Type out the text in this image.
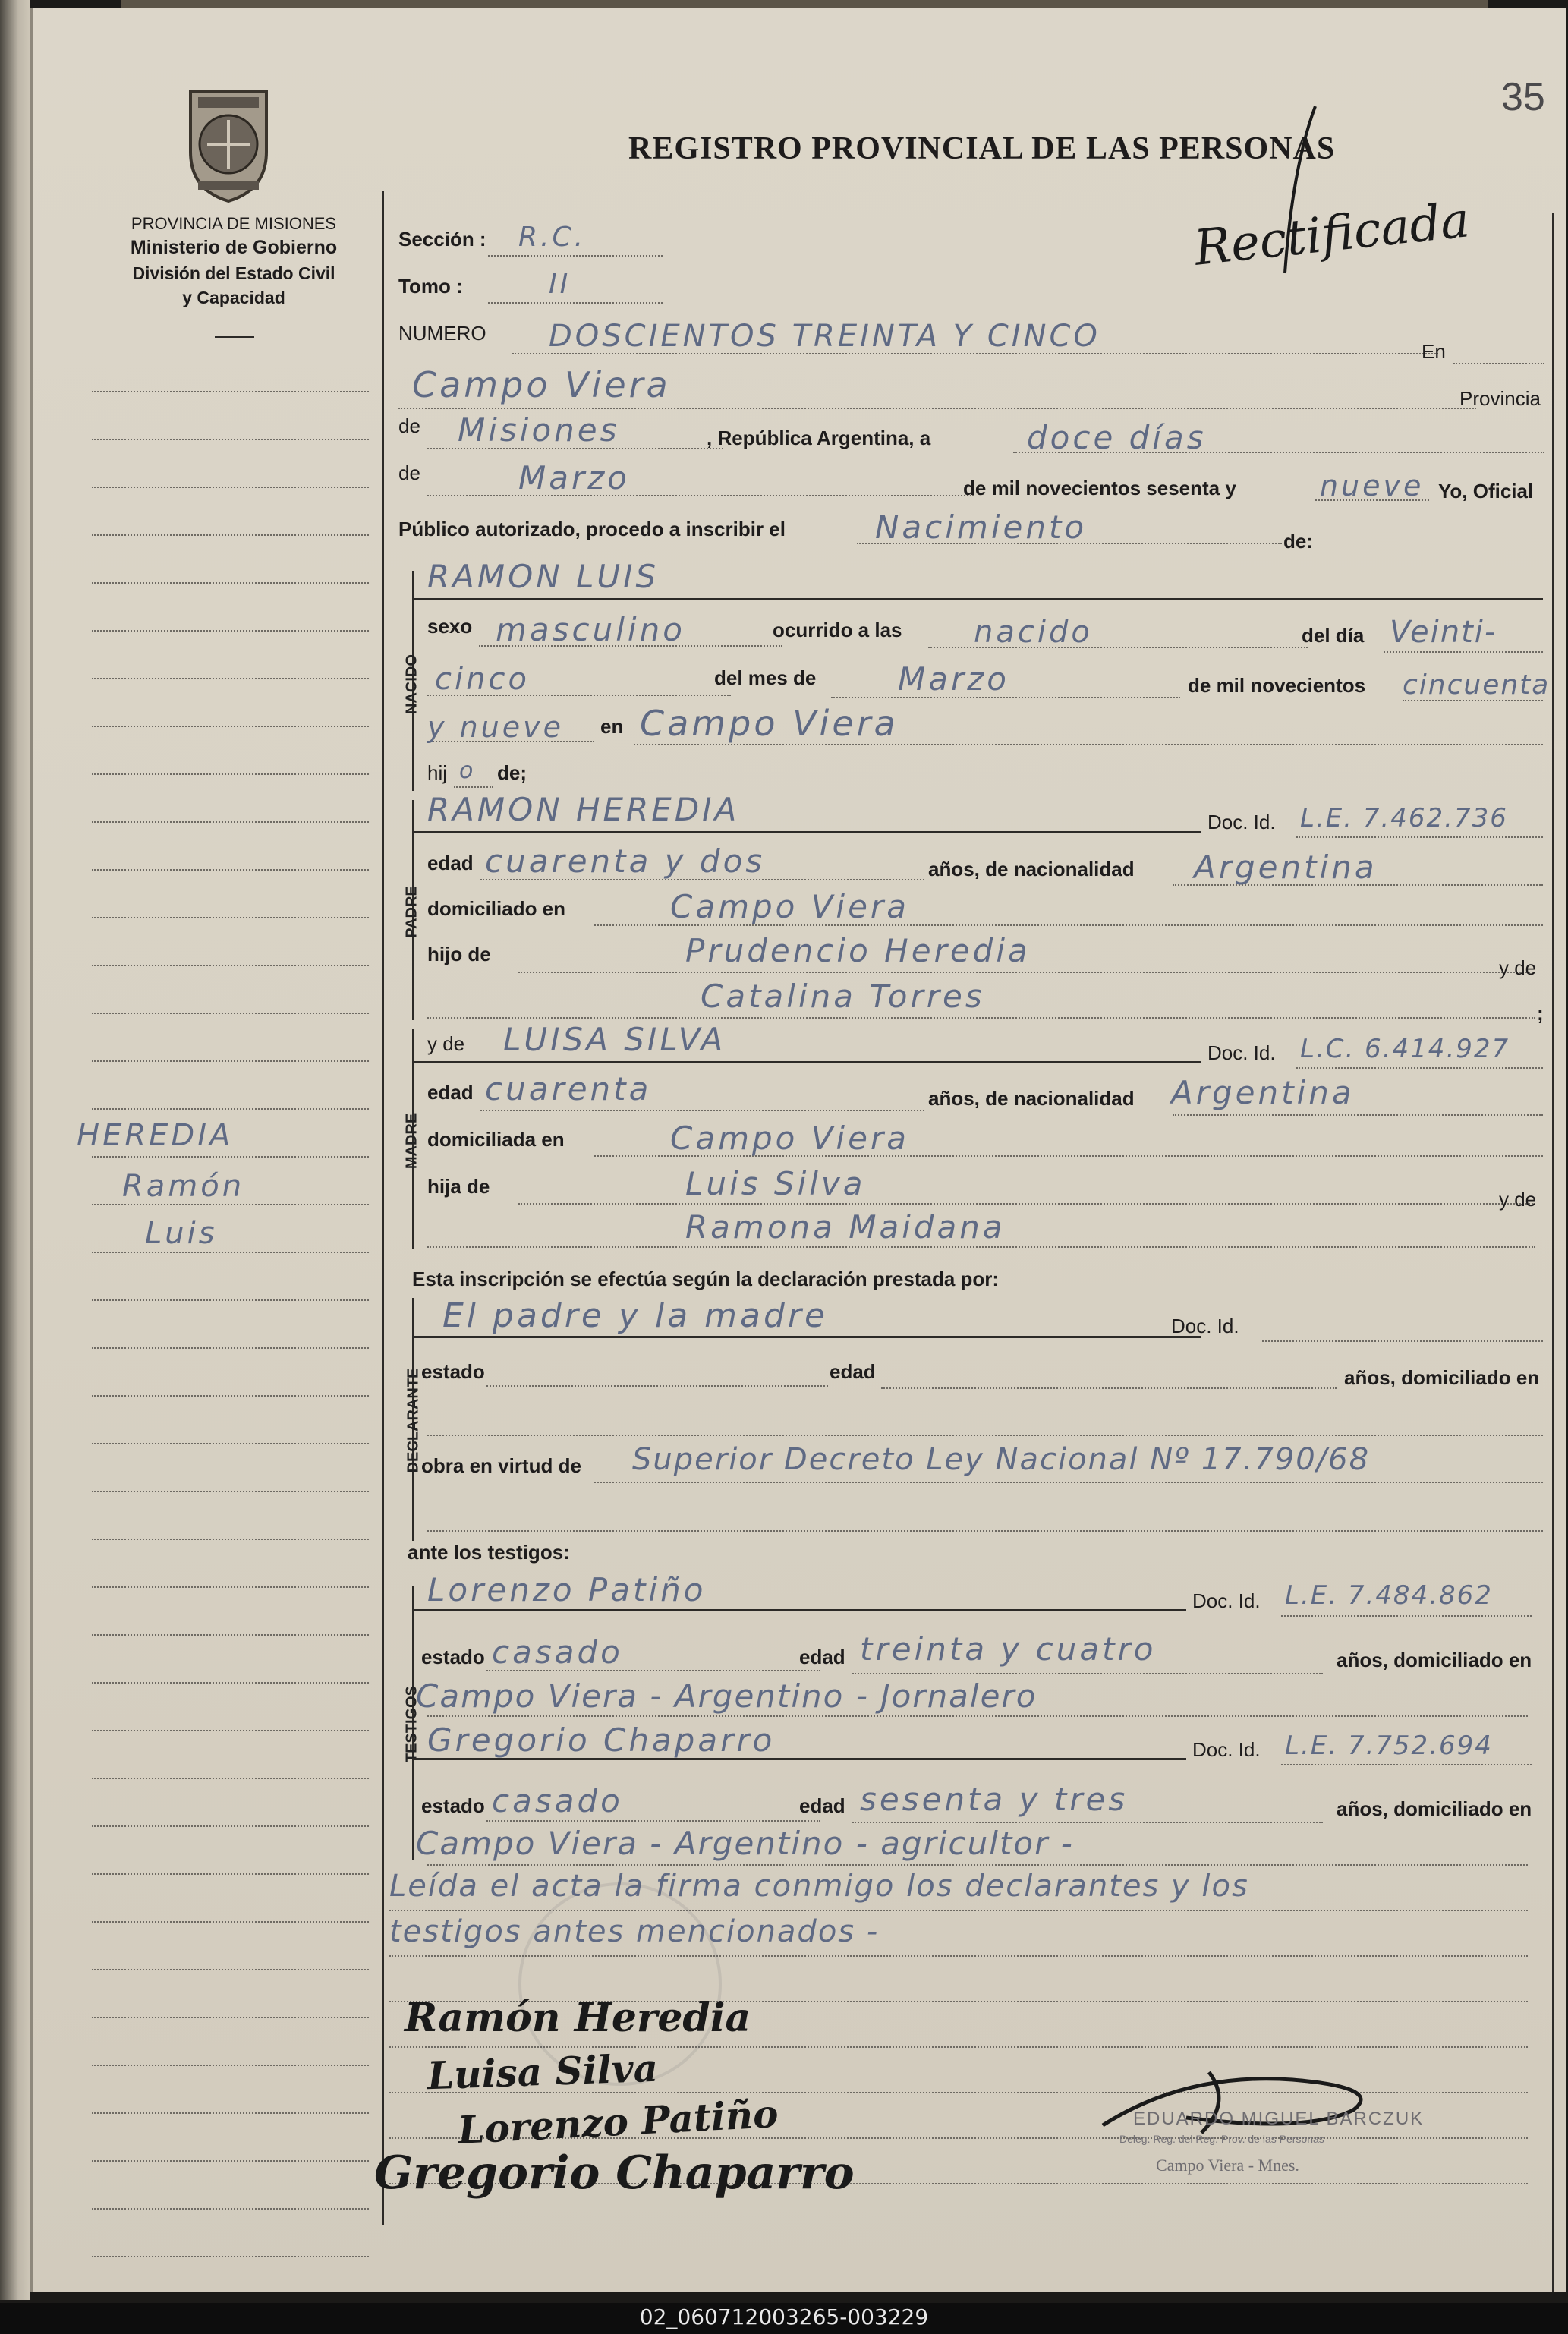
35
PROVINCIA DE MISIONES
Ministerio de Gobierno
División del Estado Civil
y Capacidad
REGISTRO PROVINCIAL DE LAS PERSONAS
Rectificada
HEREDIA
Ramón
Luis
Sección : R.C.
Tomo :	II
NUMERO DOSCIENTOS TREINTA Y CINCO	En
Campo Viera	Provincia
de Misiones	, República Argentina, a	doce días
de	Marzo	de mil novecientos sesenta y	nueve Yo, Oficial
Público autorizado, procedo a inscribir el	Nacimiento	de:
NACIDO
RAMON LUIS
sexo masculino	ocurrido a las nacido	del día Veinti-
cinco	del mes de	Marzo	de mil novecientos cincuenta
y nueve en Campo Viera
hij o de;
PADRE
RAMON HEREDIA	Doc. Id. L.E. 7.462.736
edad cuarenta y dos	años, de nacionalidad Argentina
domiciliado en	Campo Viera
hijo de	Prudencio Heredia	y de
Catalina Torres	;
MADRE
y de LUISA SILVA	Doc. Id. L.C. 6.414.927
edad cuarenta	años, de nacionalidad Argentina
domiciliada en	Campo Viera
hija de	Luis Silva	y de
Ramona Maidana
Esta inscripción se efectúa según la declaración prestada por:
DECLARANTE
El padre y la madre	Doc. Id.
estado	edad	años, domiciliado en
obra en virtud de Superior Decreto Ley Nacional Nº 17.790/68
ante los testigos:
TESTIGOS
Lorenzo Patiño	Doc. Id. L.E. 7.484.862
estado casado	edad treinta y cuatro	años, domiciliado en
Campo Viera - Argentino - Jornalero
Gregorio Chaparro	Doc. Id. L.E. 7.752.694
estado casado	edad sesenta y tres	años, domiciliado en
Campo Viera - Argentino - agricultor -
Leída el acta la firma conmigo los declarantes y los
testigos antes mencionados -
Ramón Heredia
Luisa Silva
Lorenzo Patiño
Gregorio Chaparro
EDUARDO MIGUEL BARCZUK
Deleg. Reg. del Reg. Prov. de las Personas
Campo Viera - Mnes.
02_060712003265-003229
